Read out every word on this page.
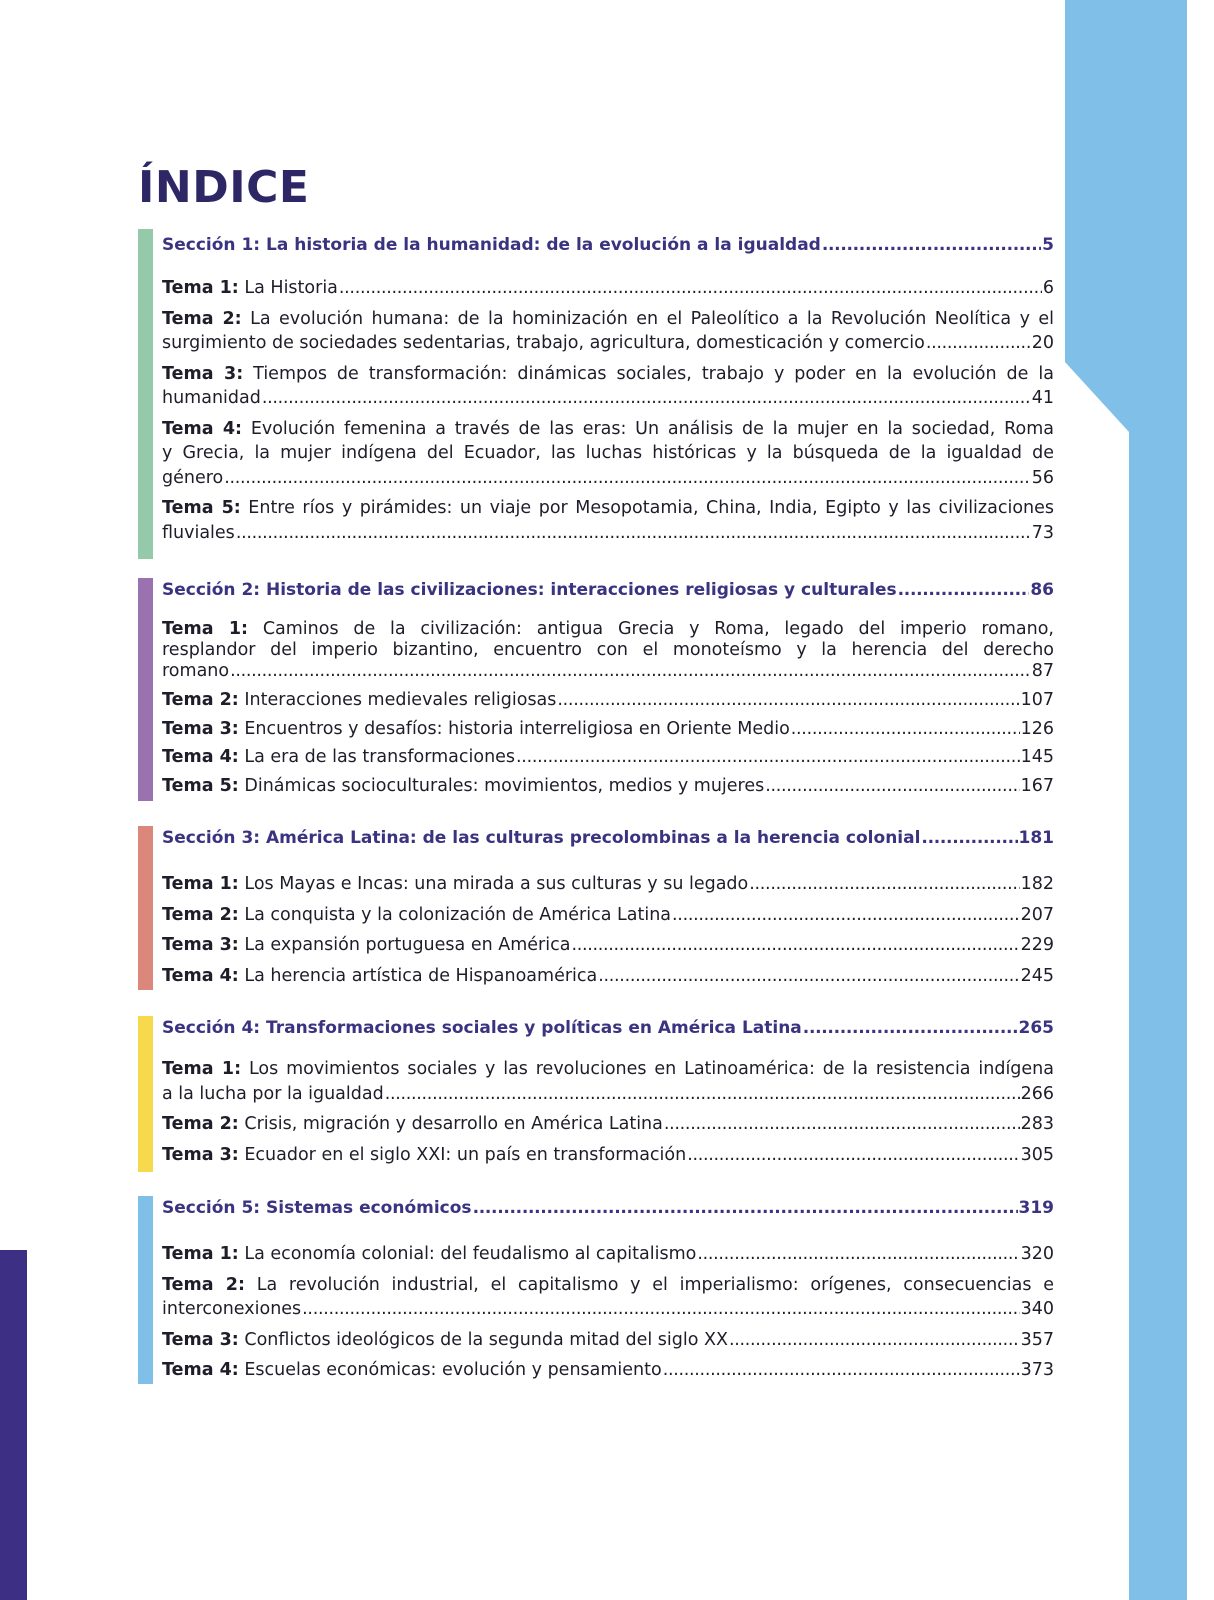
ÍNDICE
Sección 1: La historia de la humanidad: de la evolución a la igualdad .....	5
Tema 1: La Historia .....	6
Tema 2: La evolución humana: de la hominización en el Paleolítico a la Revolución Neolítica y el
surgimiento de sociedades sedentarias, trabajo, agricultura, domesticación y comercio .....	20
Tema 3: Tiempos de transformación: dinámicas sociales, trabajo y poder en la evolución de la
humanidad .....	41
Tema 4: Evolución femenina a través de las eras: Un análisis de la mujer en la sociedad, Roma
y Grecia, la mujer indígena del Ecuador, las luchas históricas y la búsqueda de la igualdad de
género .....	56
Tema 5: Entre ríos y pirámides: un viaje por Mesopotamia, China, India, Egipto y las civilizaciones
fluviales .....	73
Sección 2: Historia de las civilizaciones: interacciones religiosas y culturales .....	86
Tema 1: Caminos de la civilización: antigua Grecia y Roma, legado del imperio romano,
resplandor del imperio bizantino, encuentro con el monoteísmo y la herencia del derecho
romano .....	87
Tema 2: Interacciones medievales religiosas .....	107
Tema 3: Encuentros y desafíos: historia interreligiosa en Oriente Medio .....	126
Tema 4: La era de las transformaciones .....	145
Tema 5: Dinámicas socioculturales: movimientos, medios y mujeres .....	167
Sección 3: América Latina: de las culturas precolombinas a la herencia colonial .....	181
Tema 1: Los Mayas e Incas: una mirada a sus culturas y su legado .....	182
Tema 2: La conquista y la colonización de América Latina .....	207
Tema 3: La expansión portuguesa en América .....	229
Tema 4: La herencia artística de Hispanoamérica .....	245
Sección 4: Transformaciones sociales y políticas en América Latina .....	265
Tema 1: Los movimientos sociales y las revoluciones en Latinoamérica: de la resistencia indígena
a la lucha por la igualdad .....	266
Tema 2: Crisis, migración y desarrollo en América Latina .....	283
Tema 3: Ecuador en el siglo XXI: un país en transformación .....	305
Sección 5: Sistemas económicos .....	319
Tema 1: La economía colonial: del feudalismo al capitalismo .....	320
Tema 2: La revolución industrial, el capitalismo y el imperialismo: orígenes, consecuencias e
interconexiones .....	340
Tema 3: Conflictos ideológicos de la segunda mitad del siglo XX .....	357
Tema 4: Escuelas económicas: evolución y pensamiento .....	373
